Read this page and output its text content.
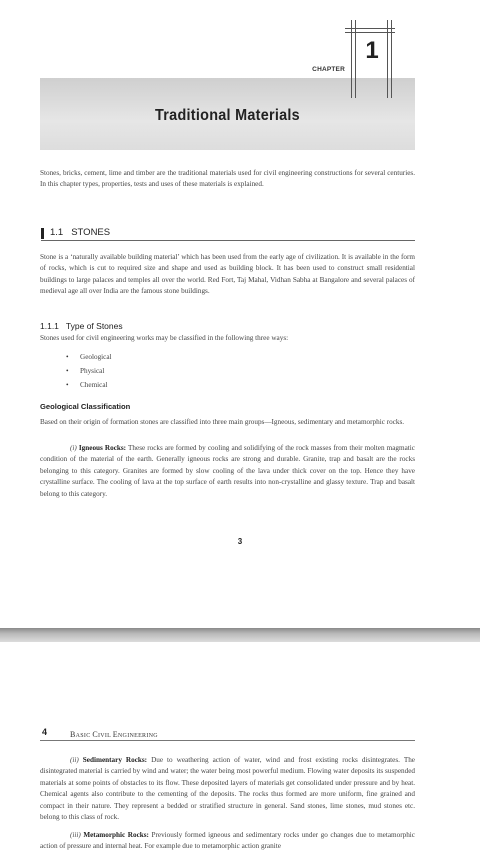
1
CHAPTER
Traditional Materials
Stones, bricks, cement, lime and timber are the traditional materials used for civil engineering constructions for several centuries. In this chapter types, properties, tests and uses of these materials is explained.
1.1 STONES
Stone is a ‘naturally available building material’ which has been used from the early age of civilization. It is available in the form of rocks, which is cut to required size and shape and used as building block. It has been used to construct small residential buildings to large palaces and temples all over the world. Red Fort, Taj Mahal, Vidhan Sabha at Bangalore and several palaces of medieval age all over India are the famous stone buildings.
1.1.1 Type of Stones
Stones used for civil engineering works may be classified in the following three ways:
• Geological
• Physical
• Chemical
Geological Classification
Based on their origin of formation stones are classified into three main groups—Igneous, sedimentary and metamorphic rocks.
(i) Igneous Rocks: These rocks are formed by cooling and solidifying of the rock masses from their molten magmatic condition of the material of the earth. Generally igneous rocks are strong and durable. Granite, trap and basalt are the rocks belonging to this category. Granites are formed by slow cooling of the lava under thick cover on the top. Hence they have crystalline surface. The cooling of lava at the top surface of earth results into non-crystalline and glassy texture. Trap and basalt belong to this category.
3
4	BASIC CIVIL ENGINEERING
(ii) Sedimentary Rocks: Due to weathering action of water, wind and frost existing rocks disintegrates. The disintegrated material is carried by wind and water; the water being most powerful medium. Flowing water deposits its suspended materials at some points of obstacles to its flow. These deposited layers of materials get consolidated under pressure and by heat. Chemical agents also contribute to the cementing of the deposits. The rocks thus formed are more uniform, fine grained and compact in their nature. They represent a bedded or stratified structure in general. Sand stones, lime stones, mud stones etc. belong to this class of rock.
(iii) Metamorphic Rocks: Previously formed igneous and sedimentary rocks under go changes due to metamorphic action of pressure and internal heat. For example due to metamorphic action granite
